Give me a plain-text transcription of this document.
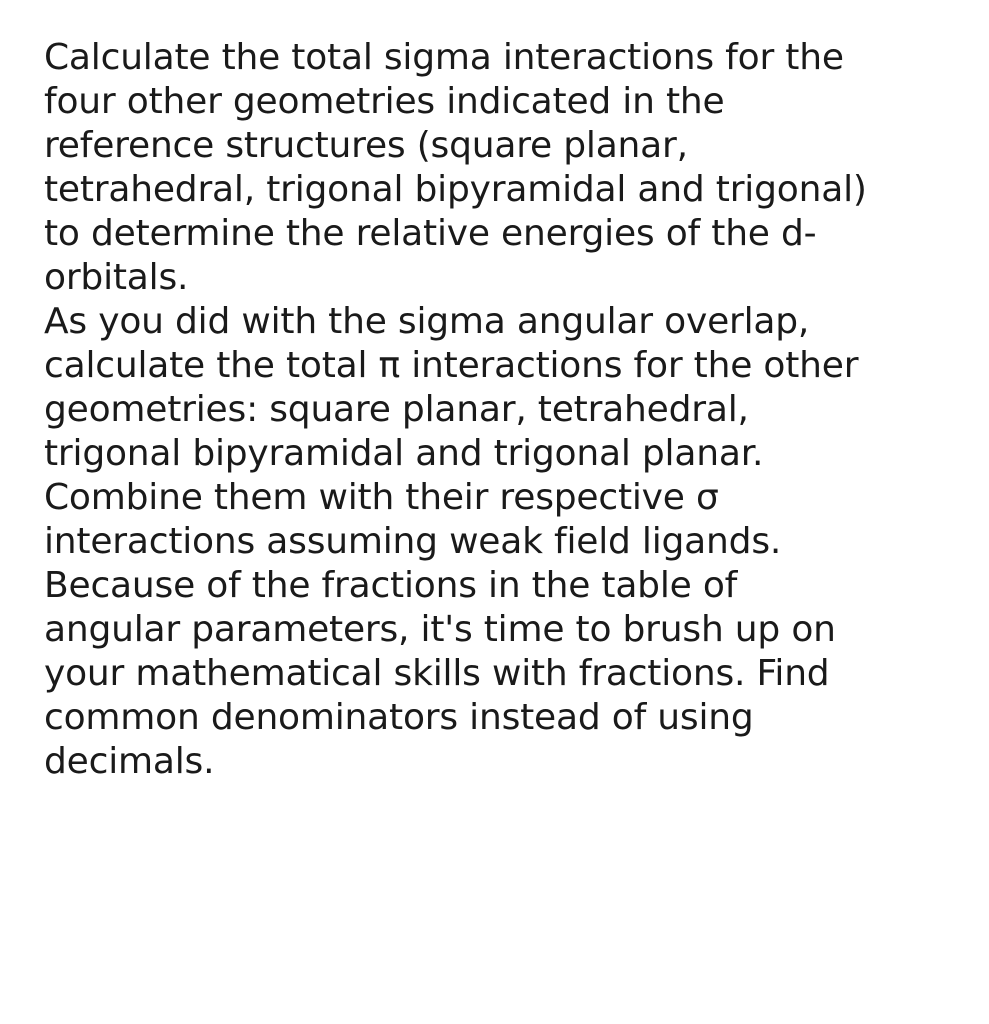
Calculate the total sigma interactions for the
four other geometries indicated in the
reference structures (square planar,
tetrahedral, trigonal bipyramidal and trigonal)
to determine the relative energies of the d-
orbitals.
As you did with the sigma angular overlap,
calculate the total π interactions for the other
geometries: square planar, tetrahedral,
trigonal bipyramidal and trigonal planar.
Combine them with their respective σ
interactions assuming weak field ligands.
Because of the fractions in the table of
angular parameters, it's time to brush up on
your mathematical skills with fractions. Find
common denominators instead of using
decimals.
